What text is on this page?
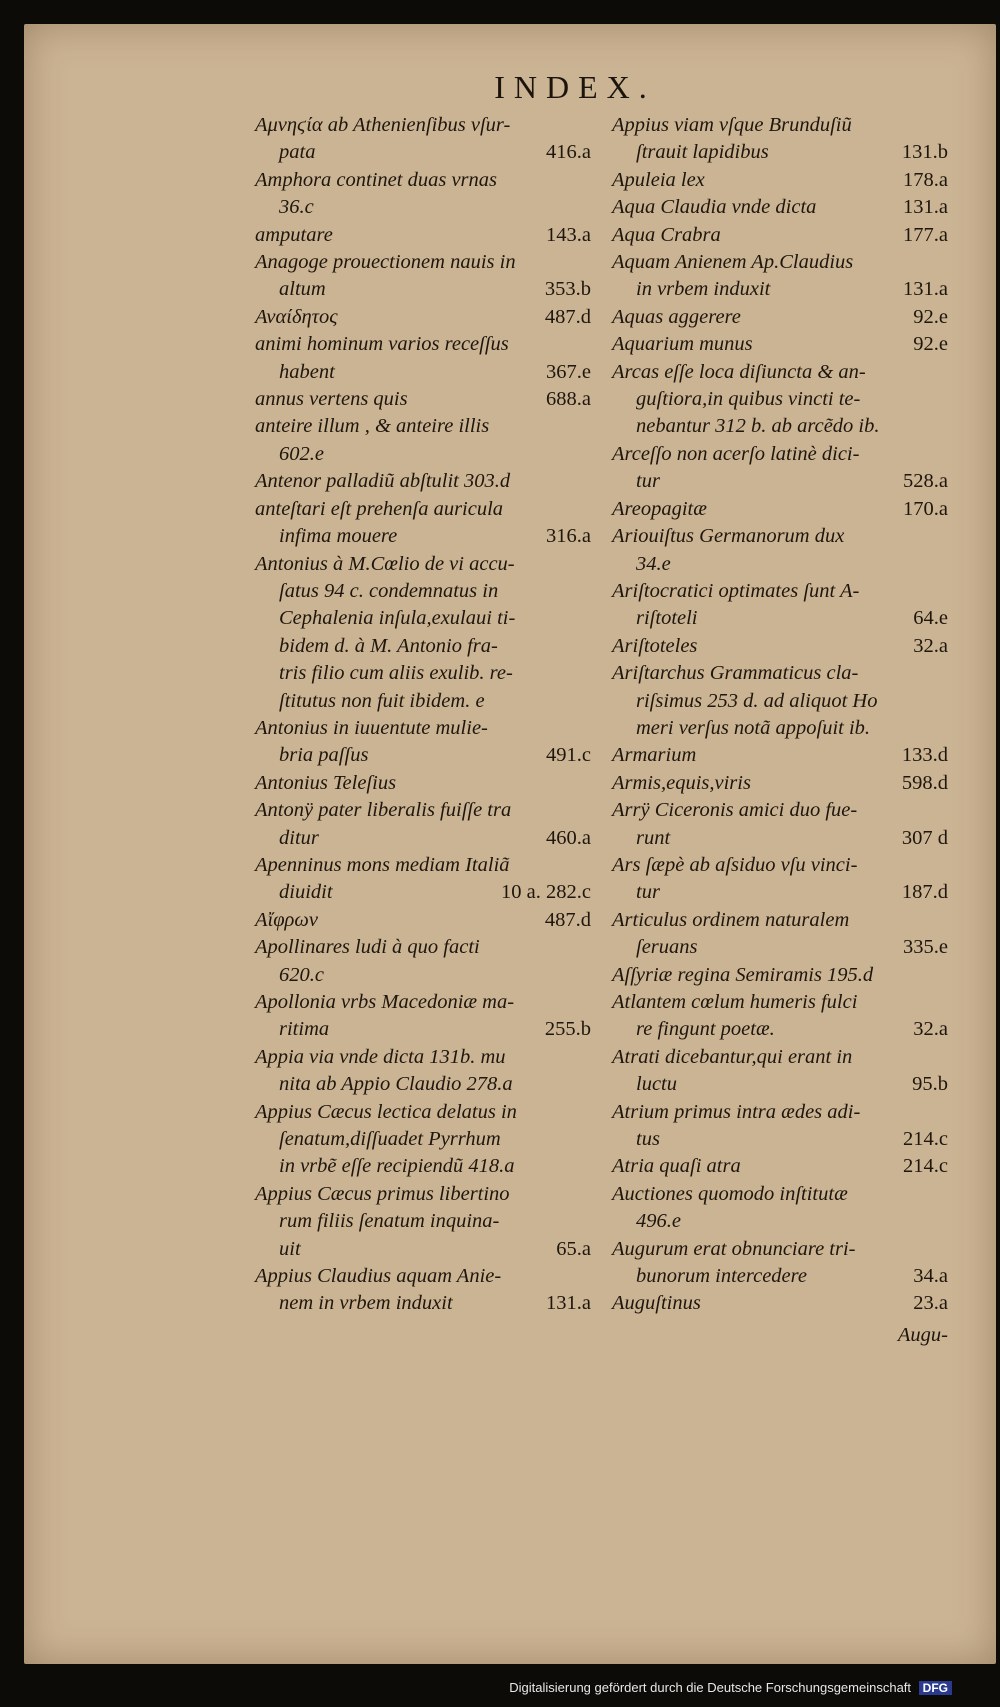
INDEX.
Αμνηϛία ab Athenienſibus vſur-
pata	416.a
Amphora continet duas vrnas
36.c
amputare	143.a
Anagoge prouectionem nauis in
altum	353.b
Αναίδητος	487.d
animi hominum varios receſſus
habent	367.e
annus vertens quis	688.a
anteire illum , & anteire illis
602.e
Antenor palladiũ abſtulit 303.d
anteſtari eſt prehenſa auricula
infima mouere	316.a
Antonius à M.Cœlio de vi accu-
ſatus 94 c. condemnatus in
Cephalenia inſula,exulaui ti-
bidem d. à M. Antonio fra-
tris filio cum aliis exulib. re-
ſtitutus non fuit ibidem. e
Antonius in iuuentute mulie-
bria paſſus	491.c
Antonius Teleſius
Antonÿ pater liberalis fuiſſe tra
ditur	460.a
Apenninus mons mediam Italiã
diuidit	10 a. 282.c
Αἴφρων	487.d
Apollinares ludi à quo facti
620.c
Apollonia vrbs Macedoniæ ma-
ritima	255.b
Appia via vnde dicta 131b. mu
nita ab Appio Claudio 278.a
Appius Cæcus lectica delatus in
ſenatum,diſſuadet Pyrrhum
in vrbẽ eſſe recipiendũ 418.a
Appius Cæcus primus libertino
rum filiis ſenatum inquina-
uit	65.a
Appius Claudius aquam Anie-
nem in vrbem induxit	131.a
Appius viam vſque Brunduſiũ
ſtrauit lapidibus	131.b
Apuleia lex	178.a
Aqua Claudia vnde dicta	131.a
Aqua Crabra	177.a
Aquam Anienem Ap.Claudius
in vrbem induxit	131.a
Aquas aggerere	92.e
Aquarium munus	92.e
Arcas eſſe loca diſiuncta & an-
guſtiora,in quibus vincti te-
nebantur 312 b. ab arcẽdo ib.
Arceſſo non acerſo latinè dici-
tur	528.a
Areopagitæ	170.a
Ariouiſtus Germanorum dux
34.e
Ariſtocratici optimates ſunt A-
riſtoteli	64.e
Ariſtoteles	32.a
Ariſtarchus Grammaticus cla-
riſsimus 253 d. ad aliquot Ho
meri verſus notã appoſuit ib.
Armarium	133.d
Armis,equis,viris	598.d
Arrÿ Ciceronis amici duo fue-
runt	307 d
Ars ſæpè ab aſsiduo vſu vinci-
tur	187.d
Articulus ordinem naturalem
ſeruans	335.e
Aſſyriæ regina Semiramis 195.d
Atlantem cœlum humeris fulci
re fingunt poetæ.	32.a
Atrati dicebantur,qui erant in
luctu	95.b
Atrium primus intra ædes adi-
tus	214.c
Atria quaſi atra	214.c
Auctiones quomodo inſtitutæ
496.e
Augurum erat obnunciare tri-
bunorum intercedere	34.a
Auguſtinus	23.a
Augu-
Digitalisierung gefördert durch die Deutsche Forschungsgemeinschaft DFG
